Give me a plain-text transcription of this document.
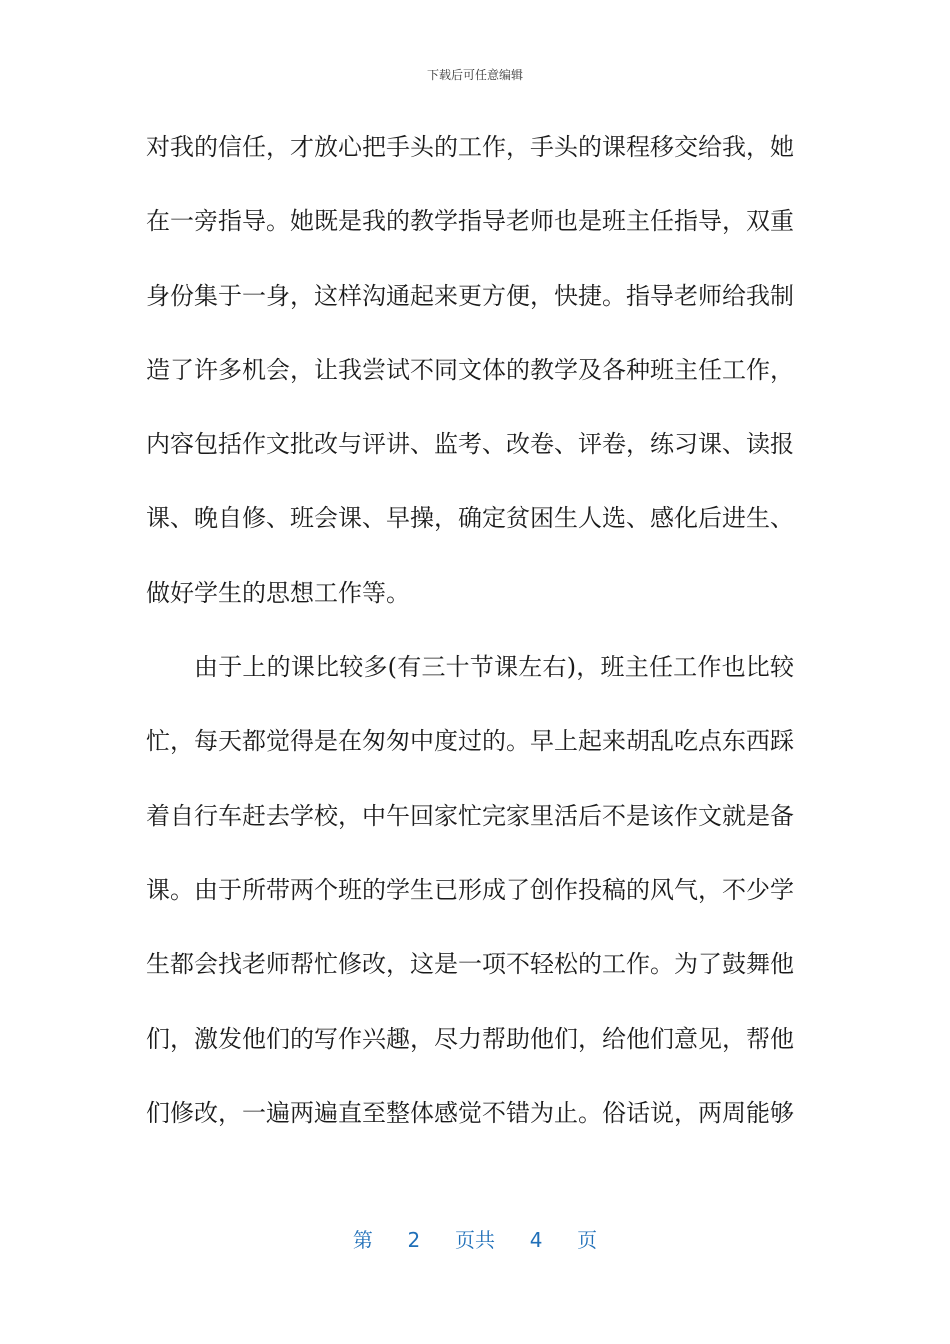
下载后可任意编辑
对我的信任，才放心把手头的工作，手头的课程移交给我，她
在一旁指导。她既是我的教学指导老师也是班主任指导，双重
身份集于一身，这样沟通起来更方便，快捷。指导老师给我制
造了许多机会，让我尝试不同文体的教学及各种班主任工作，
内容包括作文批改与评讲、监考、改卷、评卷，练习课、读报
课、晚自修、班会课、早操，确定贫困生人选、感化后进生、
做好学生的思想工作等。
由于上的课比较多(有三十节课左右)，班主任工作也比较
忙，每天都觉得是在匆匆中度过的。早上起来胡乱吃点东西踩
着自行车赶去学校，中午回家忙完家里活后不是该作文就是备
课。由于所带两个班的学生已形成了创作投稿的风气，不少学
生都会找老师帮忙修改，这是一项不轻松的工作。为了鼓舞他
们，激发他们的写作兴趣，尽力帮助他们，给他们意见，帮他
们修改，一遍两遍直至整体感觉不错为止。俗话说，两周能够
第 2 页共 4 页
